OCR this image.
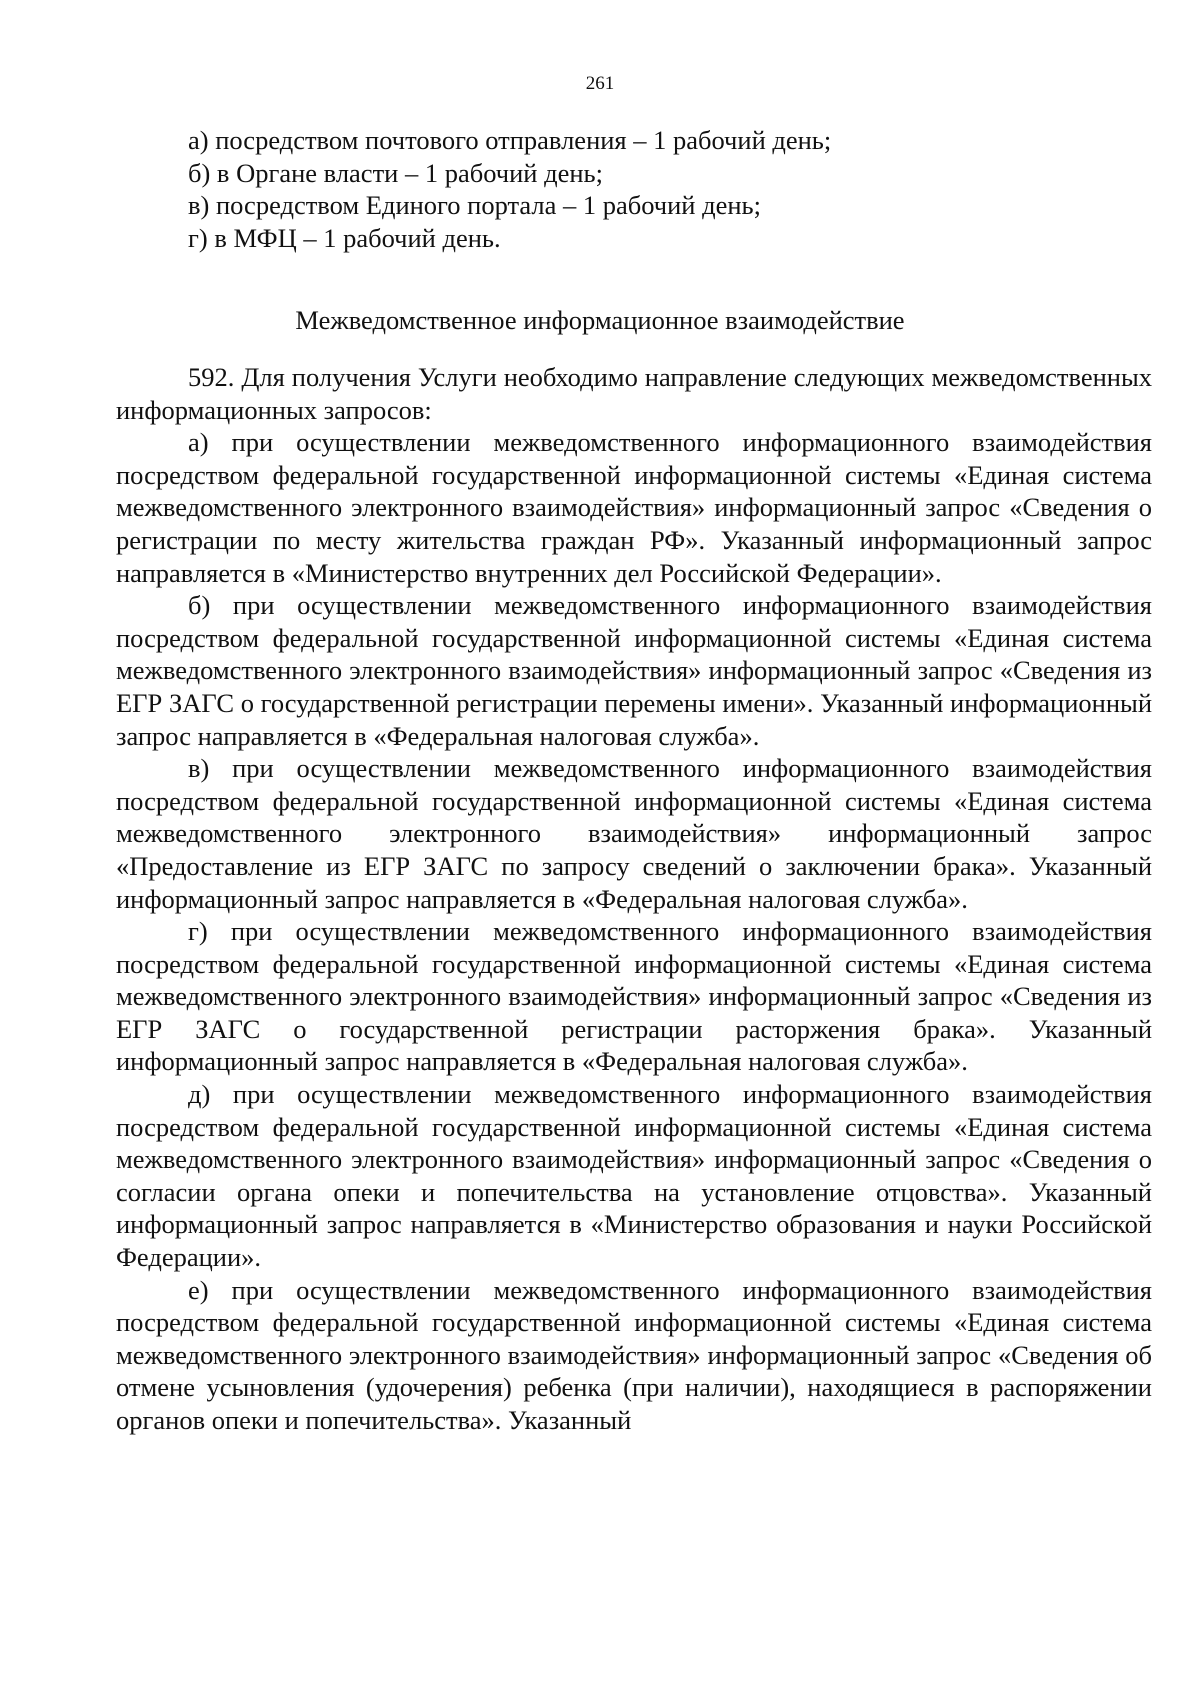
261
а) посредством почтового отправления – 1 рабочий день;
б) в Органе власти – 1 рабочий день;
в) посредством Единого портала – 1 рабочий день;
г) в МФЦ – 1 рабочий день.
Межведомственное информационное взаимодействие

592. Для получения Услуги необходимо направление следующих межведомственных информационных запросов:

а) при осуществлении межведомственного информационного взаимодействия посредством федеральной государственной информационной системы «Единая система межведомственного электронного взаимодействия» информационный запрос «Сведения о регистрации по месту жительства граждан РФ». Указанный информационный запрос направляется в «Министерство внутренних дел Российской Федерации».

б) при осуществлении межведомственного информационного взаимодействия посредством федеральной государственной информационной системы «Единая система межведомственного электронного взаимодействия» информационный запрос «Сведения из ЕГР ЗАГС о государственной регистрации перемены имени». Указанный информационный запрос направляется в «Федеральная налоговая служба».

в) при осуществлении межведомственного информационного взаимодействия посредством федеральной государственной информационной системы «Единая система межведомственного электронного взаимодействия» информационный запрос «Предоставление из ЕГР ЗАГС по запросу сведений о заключении брака». Указанный информационный запрос направляется в «Федеральная налоговая служба».

г) при осуществлении межведомственного информационного взаимодействия посредством федеральной государственной информационной системы «Единая система межведомственного электронного взаимодействия» информационный запрос «Сведения из ЕГР ЗАГС о государственной регистрации расторжения брака». Указанный информационный запрос направляется в «Федеральная налоговая служба».

д) при осуществлении межведомственного информационного взаимодействия посредством федеральной государственной информационной системы «Единая система межведомственного электронного взаимодействия» информационный запрос «Сведения о согласии органа опеки и попечительства на установление отцовства». Указанный информационный запрос направляется в «Министерство образования и науки Российской Федерации».

е) при осуществлении межведомственного информационного взаимодействия посредством федеральной государственной информационной системы «Единая система межведомственного электронного взаимодействия» информационный запрос «Сведения об отмене усыновления (удочерения) ребенка (при наличии), находящиеся в распоряжении органов опеки и попечительства». Указанный
